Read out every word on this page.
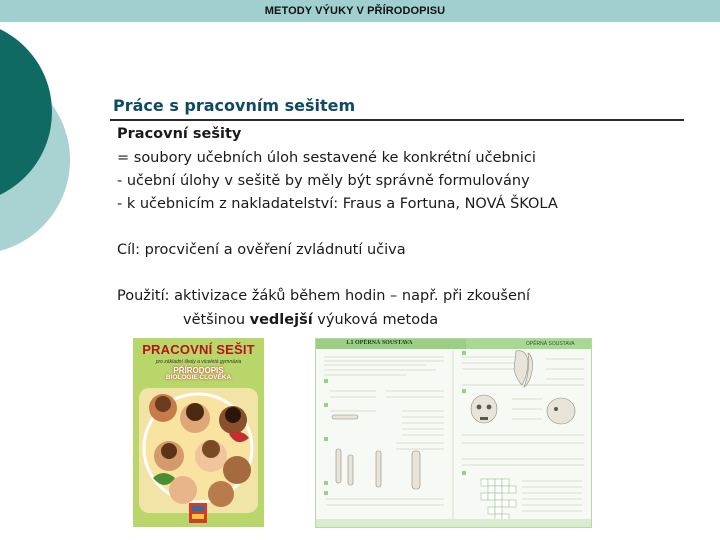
METODY VÝUKY V PŘÍRODOPISU
Práce s pracovním sešitem
Pracovní sešity
= soubory učebních úloh sestavené ke konkrétní učebnici
- učební úlohy v sešitě by měly být správně formulovány
- k učebnicím z nakladatelství: Fraus a Fortuna, NOVÁ ŠKOLA
Cíl: procvičení a ověření zvládnutí učiva
Použití: aktivizace žáků během hodin – např. při zkoušení
většinou vedlejší výuková metoda
PRACOVNÍ SEŠIT
pro základní školy a víceletá gymnázia
PŘÍRODOPIS
BIOLOGIE ČLOVĚKA
OPĚRNÁ SOUSTAVA
1.1 OPĚRNÁ SOUSTAVA
